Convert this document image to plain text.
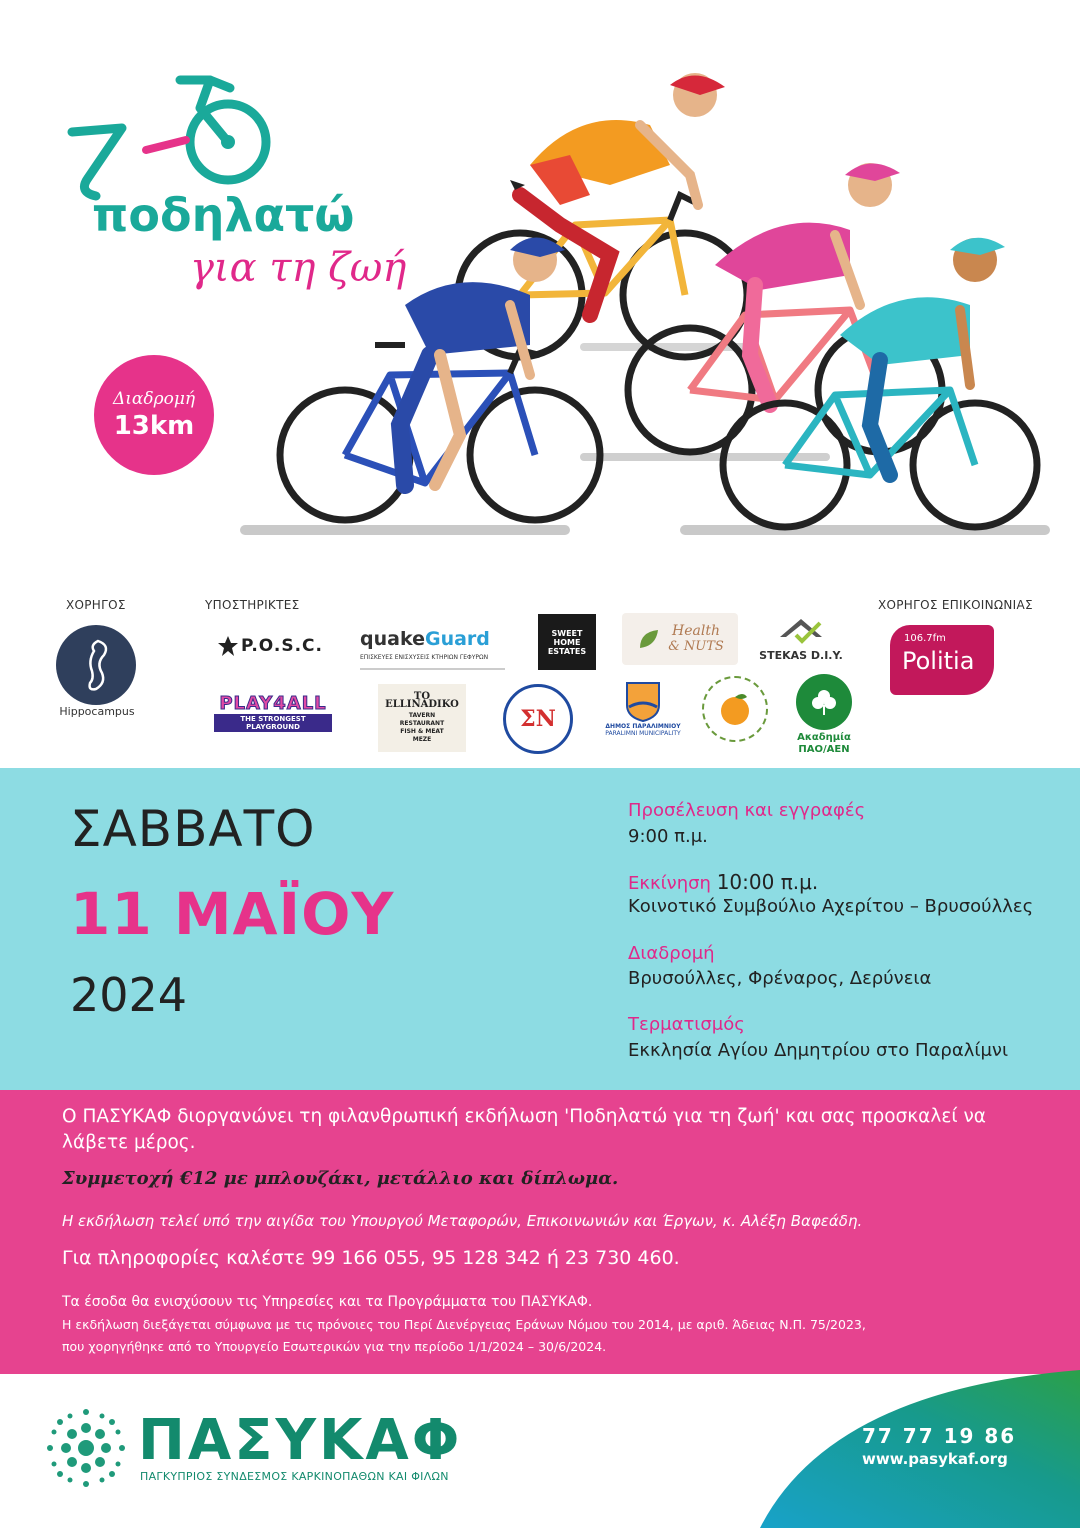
ποδηλατώ
για τη ζωή
Διαδρομή
13km
ΧΟΡΗΓΟΣ	ΥΠΟΣΤΗΡΙΚΤΕΣ	ΧΟΡΗΓΟΣ ΕΠΙΚΟΙΝΩΝΙΑΣ
Hippocampus
P.O.S.C. quakeGuard
ΕΠΙΣΚΕΥΕΣ ΕΝΙΣΧΥΣΕΙΣ ΚΤΗΡΙΩΝ ΓΕΦΥΡΩΝ
SWEET
HOME
ESTATES
Health
& NUTS
STEKAS D.I.Y.
106.7fm
Politia
PLAY4ALL
THE STRONGEST PLAYGROUND
TO ELLINADIKO
TAVERN
RESTAURANT
FISH & MEAT
MEZE
ΣΝ	ΔΗΜΟΣ ΠΑΡΑΛΙΜΝΙΟΥ
PARALIMNI MUNICIPALITY	Ακαδημία
ΠΑΟ/ΑΕΝ
ΣΑΒΒΑΤΟ
11 ΜΑΪΟΥ
2024
Προσέλευση και εγγραφές
9:00 π.μ.
Εκκίνηση 10:00 π.μ.
Κοινοτικό Συμβούλιο Αχερίτου – Βρυσούλλες
Διαδρομή
Βρυσούλλες, Φρέναρος, Δερύνεια
Τερματισμός
Εκκλησία Αγίου Δημητρίου στο Παραλίμνι
Ο ΠΑΣΥΚΑΦ διοργανώνει τη φιλανθρωπική εκδήλωση 'Ποδηλατώ για τη ζωή' και σας προσκαλεί να λάβετε μέρος.
Συμμετοχή €12 με μπλουζάκι, μετάλλιο και δίπλωμα.
Η εκδήλωση τελεί υπό την αιγίδα του Υπουργού Μεταφορών, Επικοινωνιών και Έργων, κ. Αλέξη Βαφεάδη.
Για πληροφορίες καλέστε 99 166 055, 95 128 342 ή 23 730 460.
Τα έσοδα θα ενισχύσουν τις Υπηρεσίες και τα Προγράμματα του ΠΑΣΥΚΑΦ.
Η εκδήλωση διεξάγεται σύμφωνα με τις πρόνοιες του Περί Διενέργειας Εράνων Νόμου του 2014, με αριθ. Άδειας Ν.Π. 75/2023,
που χορηγήθηκε από το Υπουργείο Εσωτερικών για την περίοδο 1/1/2024 – 30/6/2024.
ΠΑΣΥΚΑΦ
ΠΑΓΚΥΠΡΙΟΣ ΣΥΝΔΕΣΜΟΣ ΚΑΡΚΙΝΟΠΑΘΩΝ ΚΑΙ ΦΙΛΩΝ
77 77 19 86
www.pasykaf.org
